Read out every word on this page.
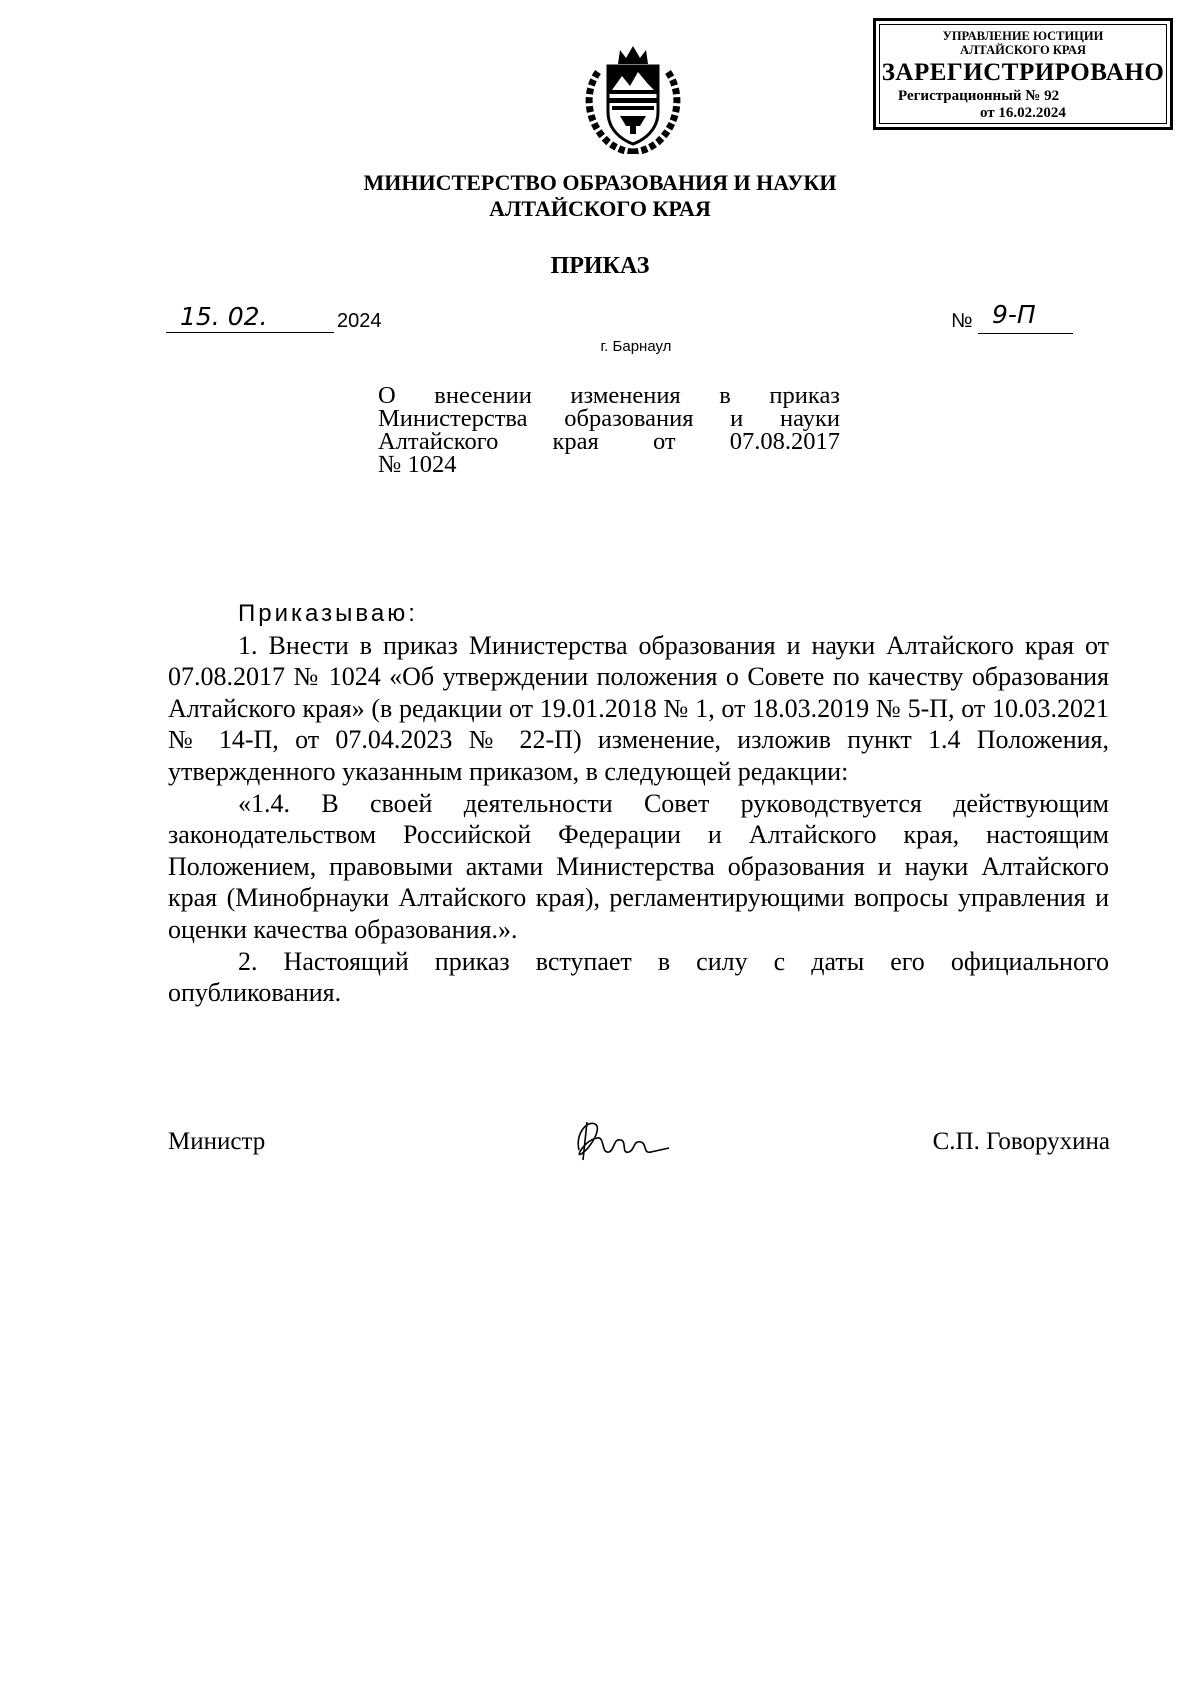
УПРАВЛЕНИЕ ЮСТИЦИИ
АЛТАЙСКОГО КРАЯ
ЗАРЕГИСТРИРОВАНО
Регистрационный № 92
от 16.02.2024
МИНИСТЕРСТВО ОБРАЗОВАНИЯ И НАУКИ
АЛТАЙСКОГО КРАЯ
ПРИКАЗ
15. 02.	2024	№ 9-П
г. Барнаул
О внесении изменения в приказ
Министерства образования и науки
Алтайского края от 07.08.2017
№ 1024

Приказываю:

1. Внести в приказ Министерства образования и науки Алтайского края от 07.08.2017 № 1024 «Об утверждении положения о Совете по качеству образования Алтайского края» (в редакции от 19.01.2018 № 1, от 18.03.2019 № 5-П, от 10.03.2021 № 14-П, от 07.04.2023 № 22-П) изменение, изложив пункт 1.4 Положения, утвержденного указанным приказом, в следующей редакции:

«1.4. В своей деятельности Совет руководствуется действующим законодательством Российской Федерации и Алтайского края, настоящим Положением, правовыми актами Министерства образования и науки Алтайского края (Минобрнауки Алтайского края), регламентирующими вопросы управления и оценки качества образования.».

2. Настоящий приказ вступает в силу с даты его официального опубликования.

Министр	С.П. Говорухина
